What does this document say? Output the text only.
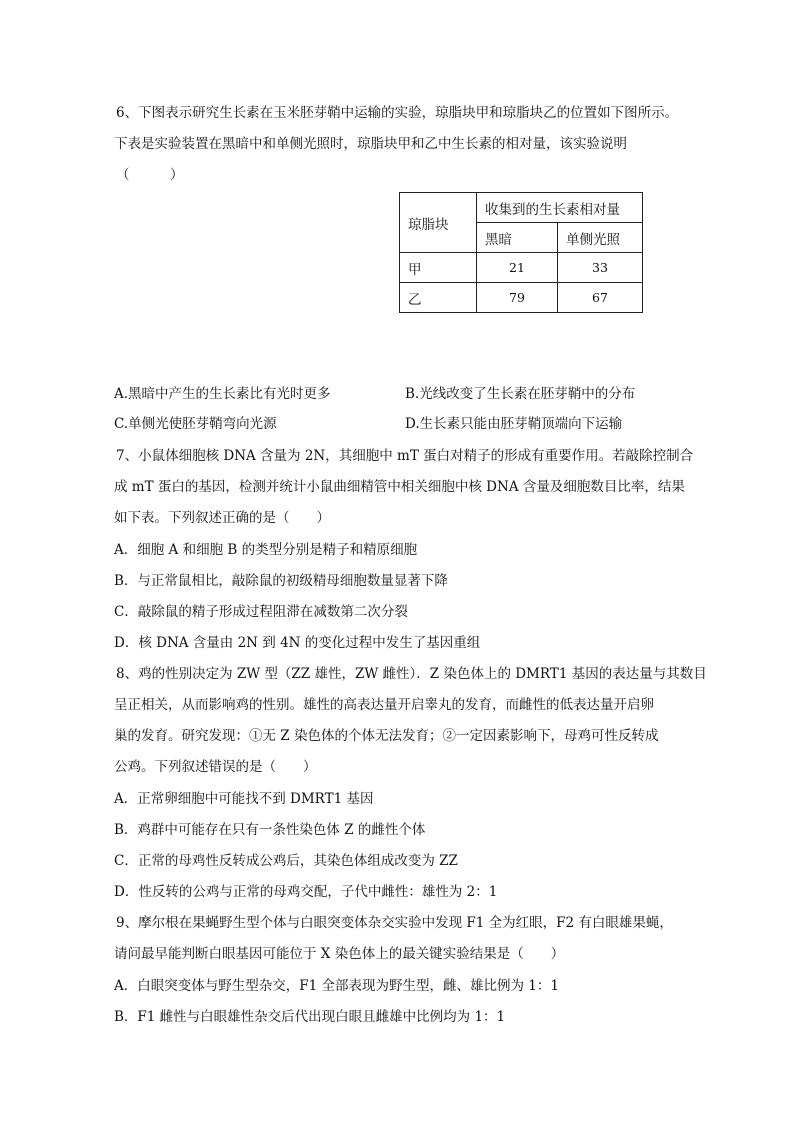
6、下图表示研究生长素在玉米胚芽鞘中运输的实验，琼脂块甲和琼脂块乙的位置如下图所示。
下表是实验装置在黑暗中和单侧光照时，琼脂块甲和乙中生长素的相对量，该实验说明
（　　　）
琼脂块	收集到的生长素相对量	
	黑暗	单侧光照
甲	21	33
乙	79	67
A.黑暗中产生的生长素比有光时更多	B.光线改变了生长素在胚芽鞘中的分布
C.单侧光使胚芽鞘弯向光源	D.生长素只能由胚芽鞘顶端向下运输
7、小鼠体细胞核 DNA 含量为 2N，其细胞中 mT 蛋白对精子的形成有重要作用。若敲除控制合
成 mT 蛋白的基因，检测并统计小鼠曲细精管中相关细胞中核 DNA 含量及细胞数目比率，结果
如下表。下列叙述正确的是（　　）
A．细胞 A 和细胞 B 的类型分别是精子和精原细胞
B．与正常鼠相比，敲除鼠的初级精母细胞数量显著下降
C．敲除鼠的精子形成过程阻滞在减数第二次分裂
D．核 DNA 含量由 2N 到 4N 的变化过程中发生了基因重组
8、鸡的性别决定为 ZW 型（ZZ 雄性，ZW 雌性）．Z 染色体上的 DMRT1 基因的表达量与其数目
呈正相关，从而影响鸡的性别。雄性的高表达量开启睾丸的发育，而雌性的低表达量开启卵
巢的发育。研究发现：①无 Z 染色体的个体无法发育；②一定因素影响下，母鸡可性反转成
公鸡。下列叙述错误的是（　　）
A．正常卵细胞中可能找不到 DMRT1 基因
B．鸡群中可能存在只有一条性染色体 Z 的雌性个体
C．正常的母鸡性反转成公鸡后，其染色体组成改变为 ZZ
D．性反转的公鸡与正常的母鸡交配，子代中雌性：雄性为 2：1
9、摩尔根在果蝇野生型个体与白眼突变体杂交实验中发现 F1 全为红眼，F2 有白眼雄果蝇，
请问最早能判断白眼基因可能位于 X 染色体上的最关键实验结果是（　　）
A．白眼突变体与野生型杂交，F1 全部表现为野生型，雌、雄比例为 1：1
B．F1 雌性与白眼雄性杂交后代出现白眼且雌雄中比例均为 1：1
